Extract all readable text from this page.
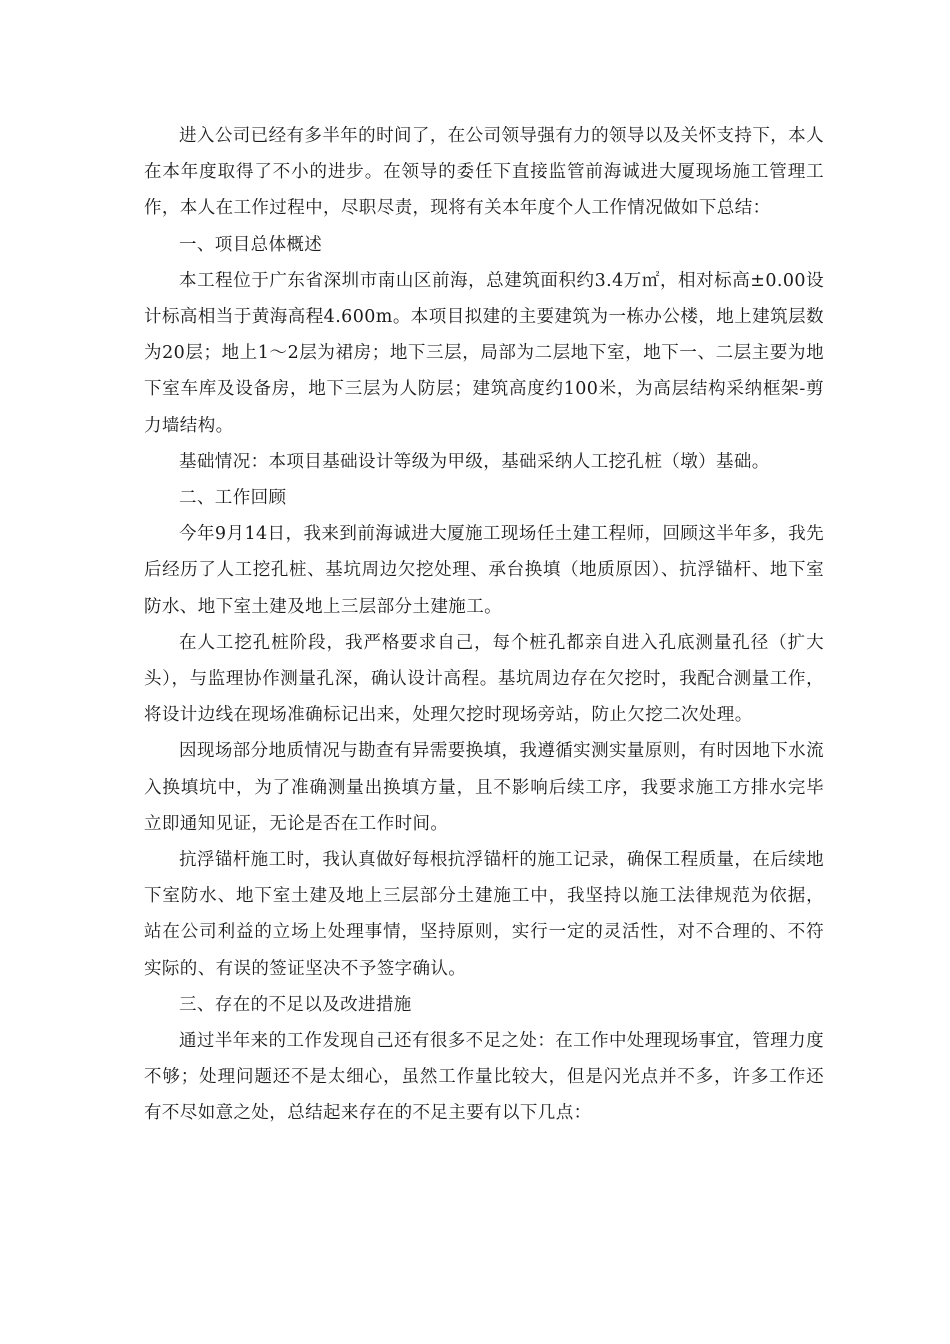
进入公司已经有多半年的时间了，在公司领导强有力的领导以及关怀支持下，本人在本年度取得了不小的进步。在领导的委任下直接监管前海诚进大厦现场施工管理工作，本人在工作过程中，尽职尽责，现将有关本年度个人工作情况做如下总结：

一、项目总体概述

本工程位于广东省深圳市南山区前海，总建筑面积约3.4万㎡，相对标高±0.00设计标高相当于黄海高程4.600m。本项目拟建的主要建筑为一栋办公楼，地上建筑层数为20层；地上1～2层为裙房；地下三层，局部为二层地下室，地下一、二层主要为地下室车库及设备房，地下三层为人防层；建筑高度约100米，为高层结构采纳框架-剪力墙结构。

基础情况：本项目基础设计等级为甲级，基础采纳人工挖孔桩（墩）基础。

二、工作回顾

今年9月14日，我来到前海诚进大厦施工现场任土建工程师，回顾这半年多，我先后经历了人工挖孔桩、基坑周边欠挖处理、承台换填（地质原因）、抗浮锚杆、地下室防水、地下室土建及地上三层部分土建施工。

在人工挖孔桩阶段，我严格要求自己，每个桩孔都亲自进入孔底测量孔径（扩大头），与监理协作测量孔深，确认设计高程。基坑周边存在欠挖时，我配合测量工作，将设计边线在现场准确标记出来，处理欠挖时现场旁站，防止欠挖二次处理。

因现场部分地质情况与勘查有异需要换填，我遵循实测实量原则，有时因地下水流入换填坑中，为了准确测量出换填方量，且不影响后续工序，我要求施工方排水完毕立即通知见证，无论是否在工作时间。

抗浮锚杆施工时，我认真做好每根抗浮锚杆的施工记录，确保工程质量，在后续地下室防水、地下室土建及地上三层部分土建施工中，我坚持以施工法律规范为依据，站在公司利益的立场上处理事情，坚持原则，实行一定的灵活性，对不合理的、不符实际的、有误的签证坚决不予签字确认。

三、存在的不足以及改进措施

通过半年来的工作发现自己还有很多不足之处：在工作中处理现场事宜，管理力度不够；处理问题还不是太细心，虽然工作量比较大，但是闪光点并不多，许多工作还有不尽如意之处，总结起来存在的不足主要有以下几点：
